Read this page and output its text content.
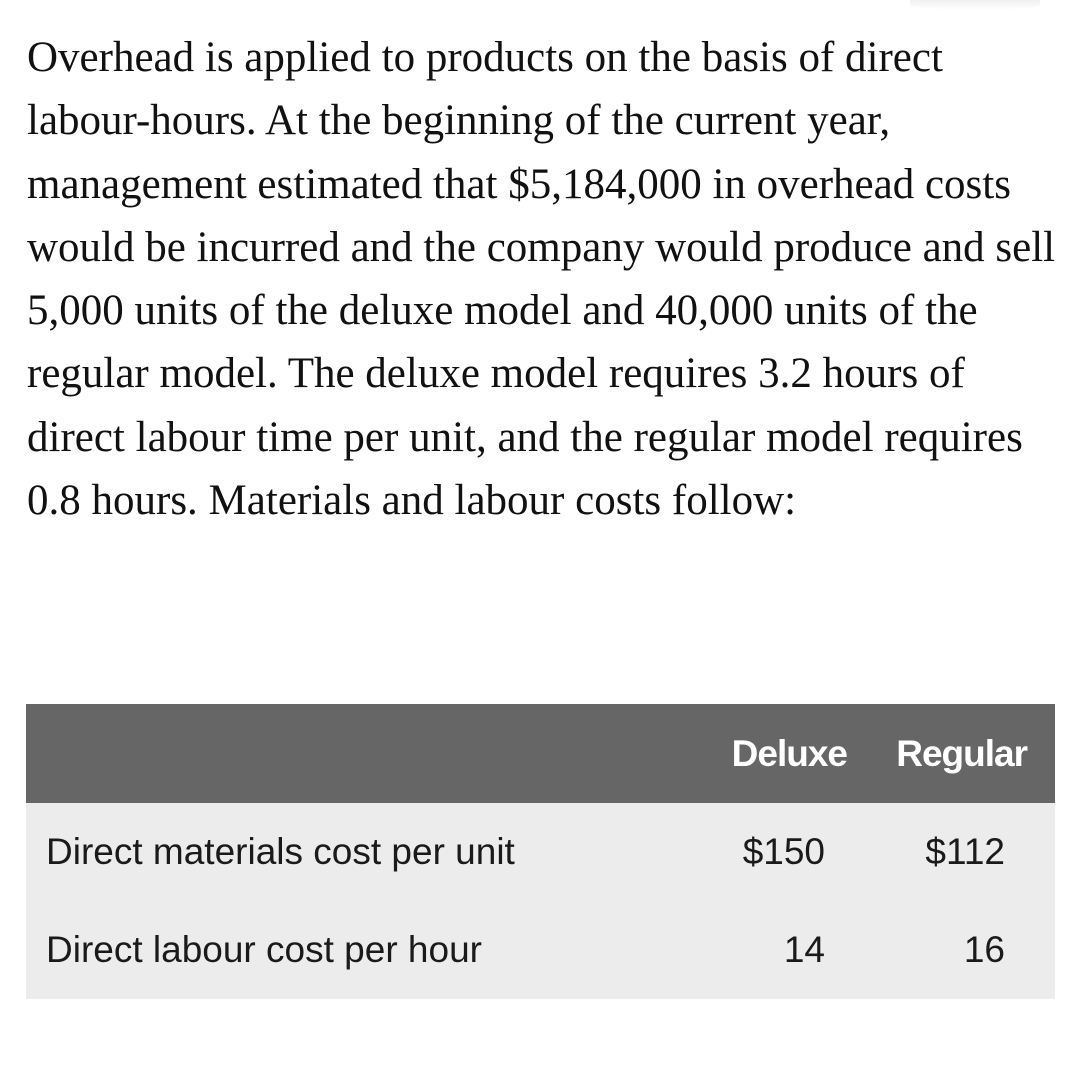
Overhead is applied to products on the basis of direct labour-hours. At the beginning of the current year, management estimated that $5,184,000 in overhead costs would be incurred and the company would produce and sell 5,000 units of the deluxe model and 40,000 units of the regular model. The deluxe model requires 3.2 hours of direct labour time per unit, and the regular model requires 0.8 hours. Materials and labour costs follow:

	Deluxe	Regular
Direct materials cost per unit	$150	$112
Direct labour cost per hour	14	16
